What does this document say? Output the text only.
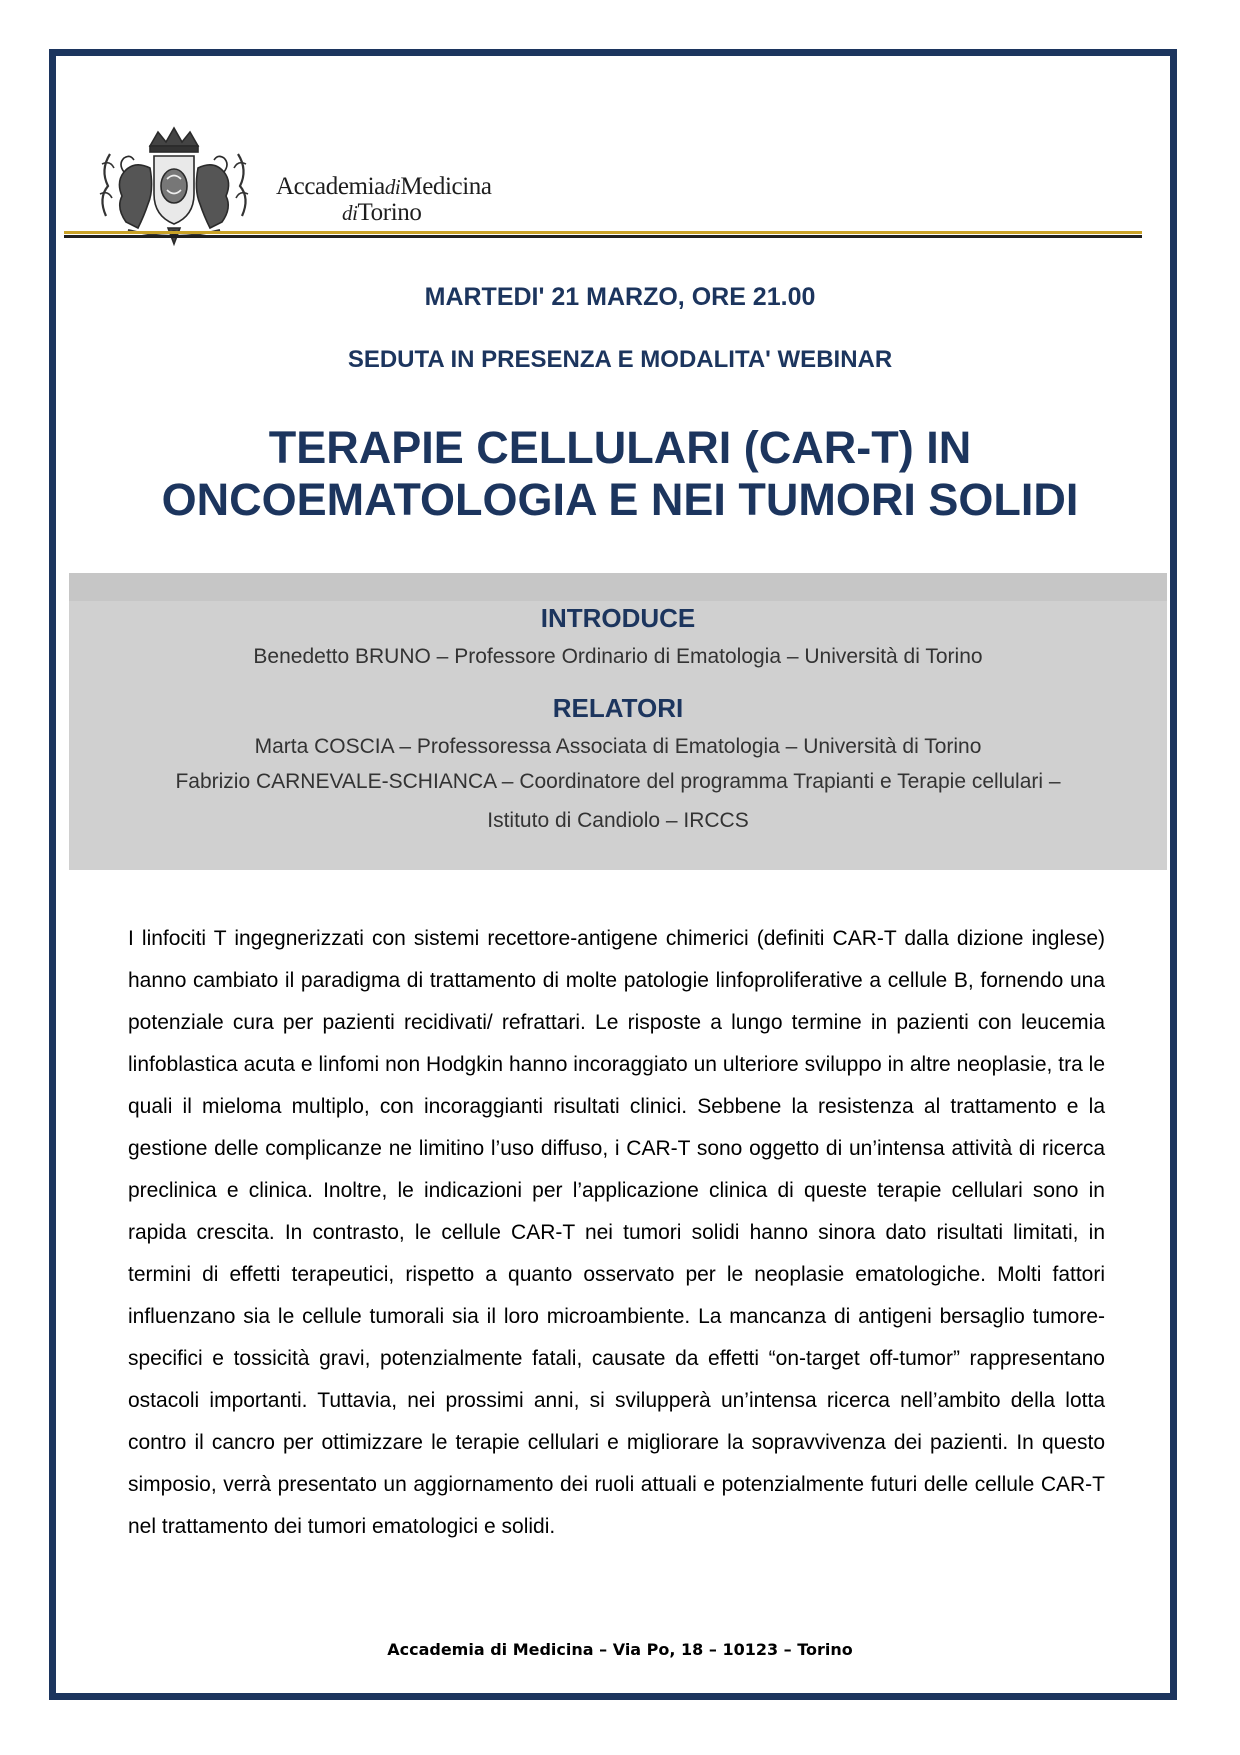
AccademiadiMedicina
diTorino
MARTEDI' 21 MARZO, ORE 21.00
SEDUTA IN PRESENZA E MODALITA' WEBINAR
TERAPIE CELLULARI (CAR-T) IN
ONCOEMATOLOGIA E NEI TUMORI SOLIDI
INTRODUCE
Benedetto BRUNO – Professore Ordinario di Ematologia – Università di Torino
RELATORI
Marta COSCIA – Professoressa Associata di Ematologia – Università di Torino
Fabrizio CARNEVALE-SCHIANCA – Coordinatore del programma Trapianti e Terapie cellulari –
Istituto di Candiolo – IRCCS

I linfociti T ingegnerizzati con sistemi recettore-antigene chimerici (definiti CAR-T dalla dizione inglese) hanno cambiato il paradigma di trattamento di molte patologie linfoproliferative a cellule B, fornendo una potenziale cura per pazienti recidivati/ refrattari. Le risposte a lungo termine in pazienti con leucemia linfoblastica acuta e linfomi non Hodgkin hanno incoraggiato un ulteriore sviluppo in altre neoplasie, tra le quali il mieloma multiplo, con incoraggianti risultati clinici. Sebbene la resistenza al trattamento e la gestione delle complicanze ne limitino l’uso diffuso, i CAR-T sono oggetto di un’intensa attività di ricerca preclinica e clinica. Inoltre, le indicazioni per l’applicazione clinica di queste terapie cellulari sono in rapida crescita. In contrasto, le cellule CAR-T nei tumori solidi hanno sinora dato risultati limitati, in termini di effetti terapeutici, rispetto a quanto osservato per le neoplasie ematologiche. Molti fattori influenzano sia le cellule tumorali sia il loro microambiente. La mancanza di antigeni bersaglio tumore-specifici e tossicità gravi, potenzialmente fatali, causate da effetti “on-target off-tumor” rappresentano ostacoli importanti. Tuttavia, nei prossimi anni, si svilupperà un’intensa ricerca nell’ambito della lotta contro il cancro per ottimizzare le terapie cellulari e migliorare la sopravvivenza dei pazienti. In questo simposio, verrà presentato un aggiornamento dei ruoli attuali e potenzialmente futuri delle cellule CAR-T nel trattamento dei tumori ematologici e solidi.

Accademia di Medicina – Via Po, 18 – 10123 – Torino
